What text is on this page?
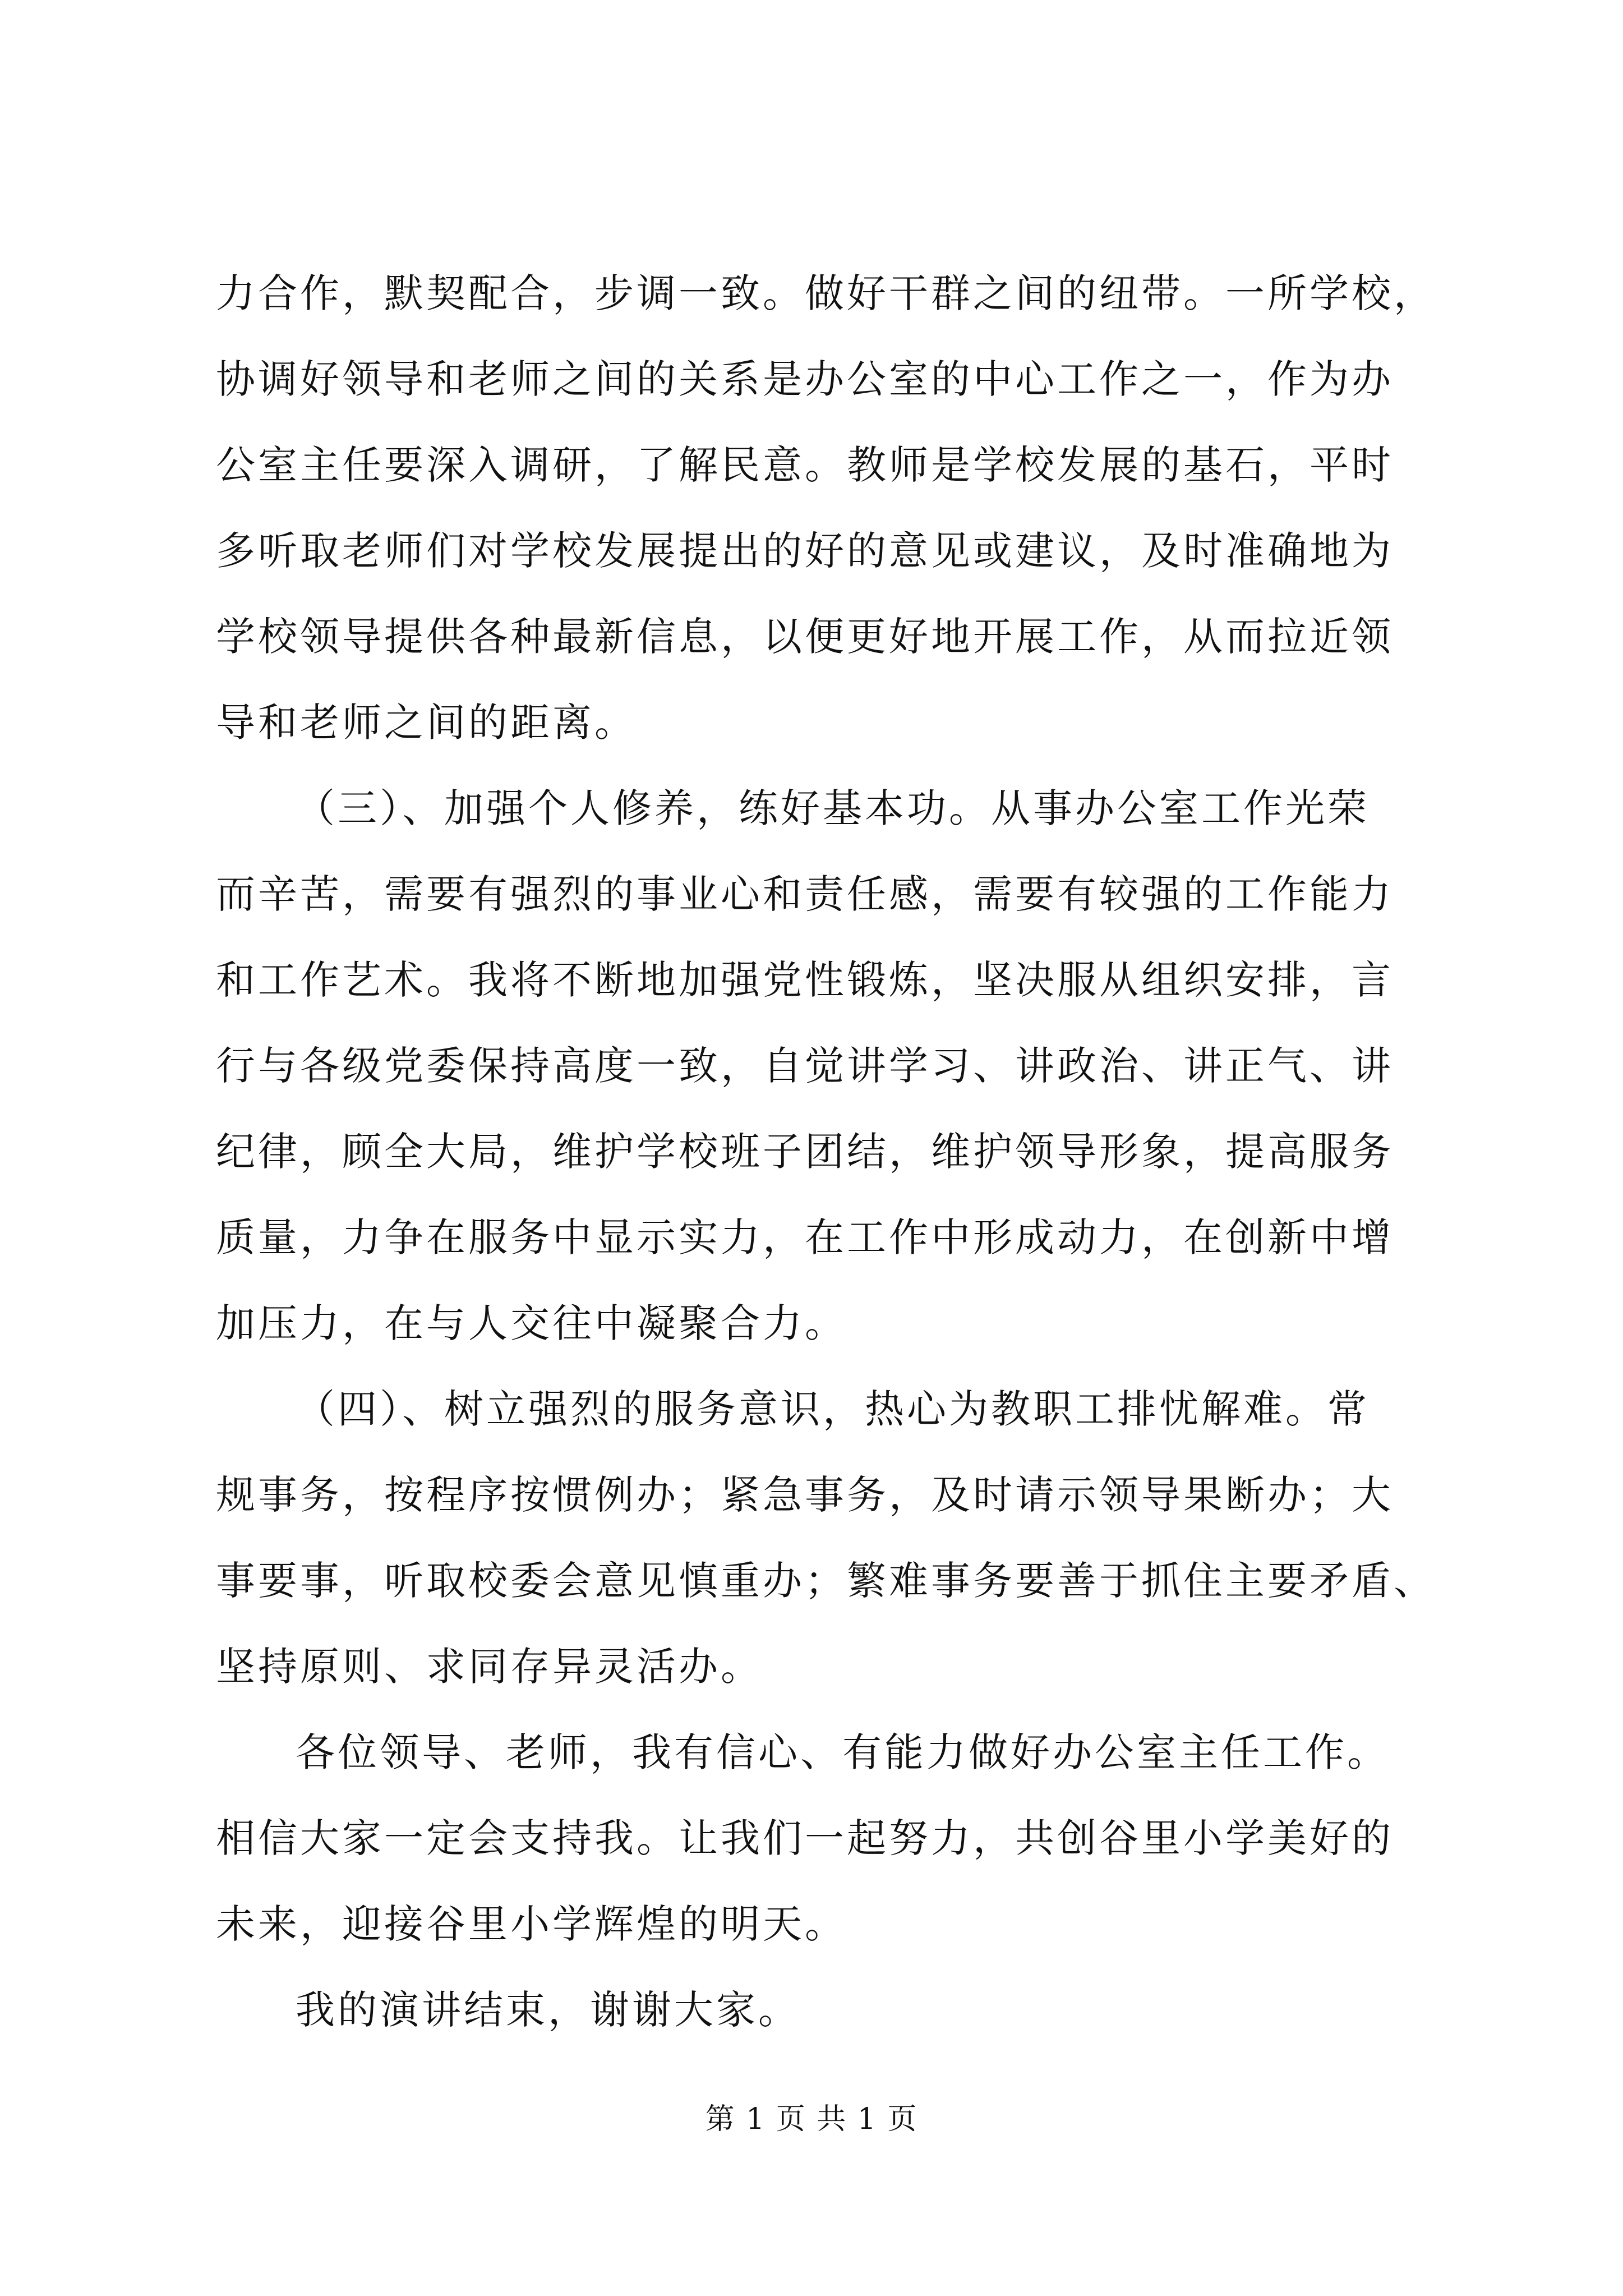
力合作，默契配合，步调一致。做好干群之间的纽带。一所学校，
协调好领导和老师之间的关系是办公室的中心工作之一，作为办
公室主任要深入调研，了解民意。教师是学校发展的基石，平时
多听取老师们对学校发展提出的好的意见或建议，及时准确地为
学校领导提供各种最新信息，以便更好地开展工作，从而拉近领
导和老师之间的距离。
（三）、加强个人修养，练好基本功。从事办公室工作光荣
而辛苦，需要有强烈的事业心和责任感，需要有较强的工作能力
和工作艺术。我将不断地加强党性锻炼，坚决服从组织安排，言
行与各级党委保持高度一致，自觉讲学习、讲政治、讲正气、讲
纪律，顾全大局，维护学校班子团结，维护领导形象，提高服务
质量，力争在服务中显示实力，在工作中形成动力，在创新中增
加压力，在与人交往中凝聚合力。
（四）、树立强烈的服务意识，热心为教职工排忧解难。常
规事务，按程序按惯例办；紧急事务，及时请示领导果断办；大
事要事，听取校委会意见慎重办；繁难事务要善于抓住主要矛盾、
坚持原则、求同存异灵活办。
各位领导、老师，我有信心、有能力做好办公室主任工作。
相信大家一定会支持我。让我们一起努力，共创谷里小学美好的
未来，迎接谷里小学辉煌的明天。
我的演讲结束，谢谢大家。
第 1 页 共 1 页
